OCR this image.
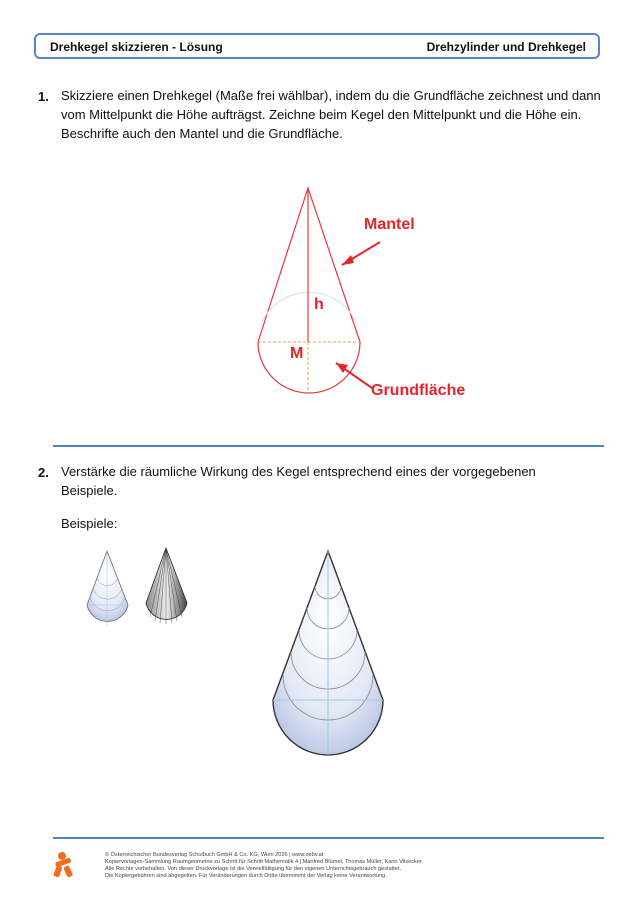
Drehkegel skizzieren - Lösung	Drehzylinder und Drehkegel
1. Skizziere einen Drehkegel (Maße frei wählbar), indem du die Grundfläche zeichnest und dann
vom Mittelpunkt die Höhe aufträgst. Zeichne beim Kegel den Mittelpunkt und die Höhe ein.
Beschrifte auch den Mantel und die Grundfläche.
Mantel
h
M
Grundfläche
2. Verstärke die räumliche Wirkung des Kegel entsprechend eines der vorgegebenen
Beispiele.
Beispiele:
© Österreichischer Bundesverlag Schulbuch GmbH & Co. KG, Wien 2026 | www.oebv.at
Kopiervorlagen-Sammlung Raumgeometrie zu Schritt für Schritt Mathematik 4 | Manfred Blümel, Thomas Müller, Karin Vilsecker
Alle Rechte vorbehalten. Von dieser Druckvorlage ist die Vervielfältigung für den eigenen Unterrichtsgebrauch gestattet.
Die Kopiergebühren sind abgegolten. Für Veränderungen durch Dritte übernimmt der Verlag keine Verantwortung.
